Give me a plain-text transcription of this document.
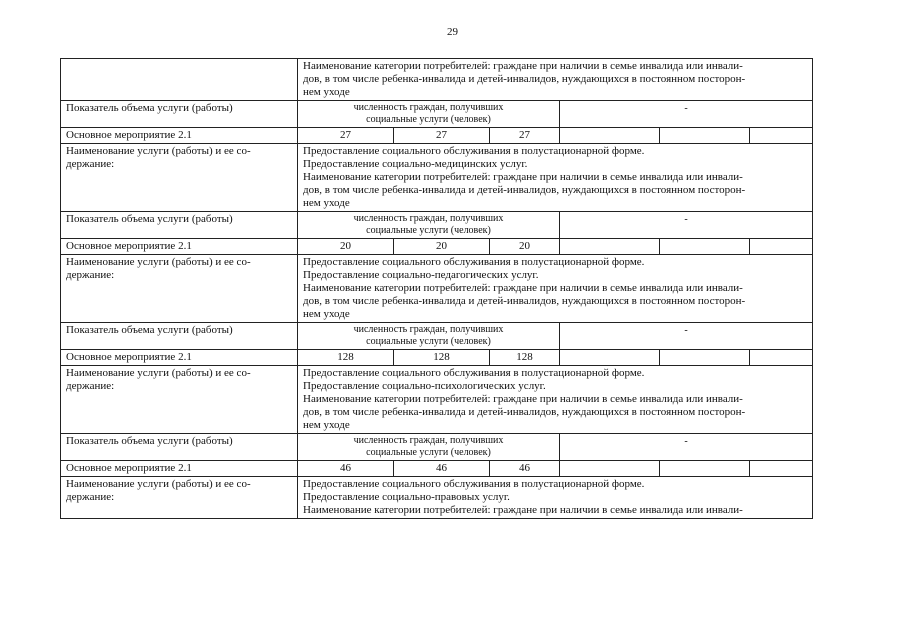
29

	Наименование категории потребителей: граждане при наличии в семье инвалида или инвали-
дов, в том числе ребенка-инвалида и детей-инвалидов, нуждающихся в постоянном посторон-
нем уходе					

Показатель объема услуги (работы)	численность граждан, получивших
социальные услуги (человек)			-		
Основное мероприятие 2.1	27	27	27			
Наименование услуги (работы) и ее со-держание:	Предоставление социального обслуживания в полустационарной форме.
Предоставление социально-медицинских услуг.
Наименование категории потребителей: граждане при наличии в семье инвалида или инвали-
дов, в том числе ребенка-инвалида и детей-инвалидов, нуждающихся в постоянном посторон-
нем уходе					

Показатель объема услуги (работы)	численность граждан, получивших
социальные услуги (человек)			-		
Основное мероприятие 2.1	20	20	20			
Наименование услуги (работы) и ее со-держание:	Предоставление социального обслуживания в полустационарной форме.
Предоставление социально-педагогических услуг.
Наименование категории потребителей: граждане при наличии в семье инвалида или инвали-
дов, в том числе ребенка-инвалида и детей-инвалидов, нуждающихся в постоянном посторон-
нем уходе					

Показатель объема услуги (работы)	численность граждан, получивших
социальные услуги (человек)			-		
Основное мероприятие 2.1	128	128	128			
Наименование услуги (работы) и ее со-держание:	Предоставление социального обслуживания в полустационарной форме.
Предоставление социально-психологических услуг.
Наименование категории потребителей: граждане при наличии в семье инвалида или инвали-
дов, в том числе ребенка-инвалида и детей-инвалидов, нуждающихся в постоянном посторон-
нем уходе					

Показатель объема услуги (работы)	численность граждан, получивших
социальные услуги (человек)			-		
Основное мероприятие 2.1	46	46	46			
Наименование услуги (работы) и ее со-держание:	Предоставление социального обслуживания в полустационарной форме.
Предоставление социально-правовых услуг.
Наименование категории потребителей: граждане при наличии в семье инвалида или инвали-					
